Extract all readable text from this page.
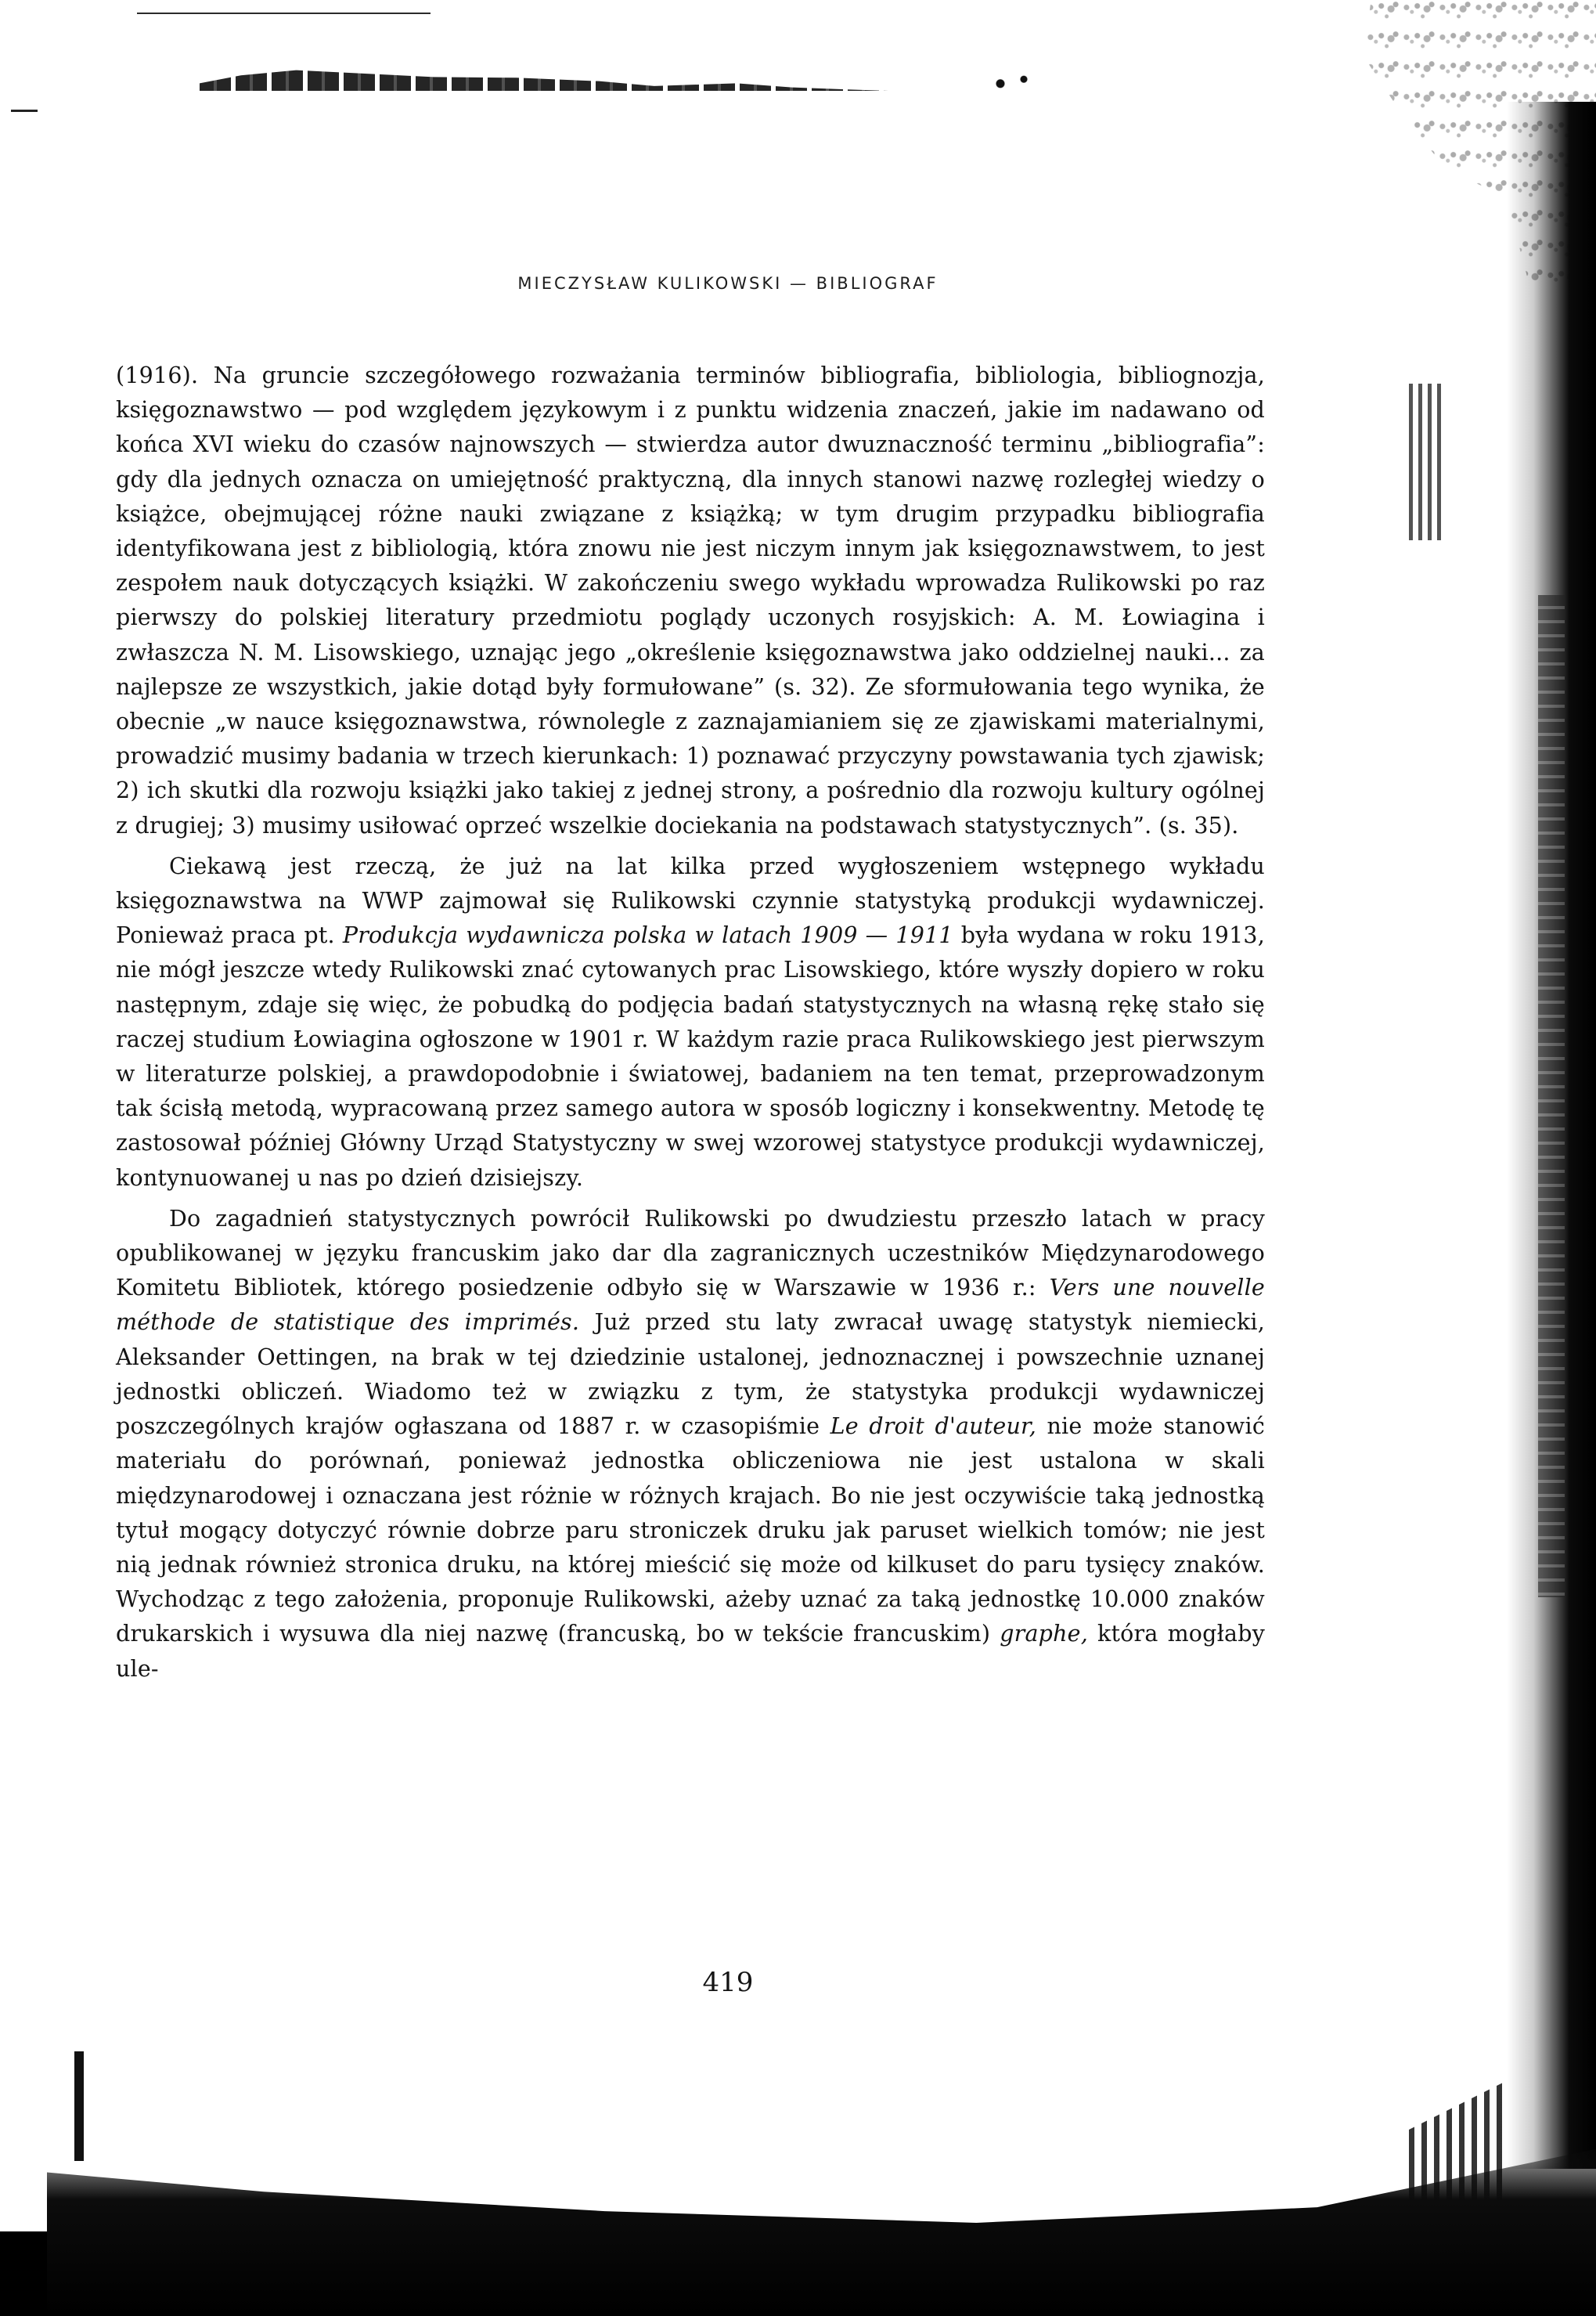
MIECZYSŁAW KULIKOWSKI — BIBLIOGRAF

(1916). Na gruncie szczegółowego rozważania terminów bibliografia, bibliologia, bibliognozja, księgoznawstwo — pod względem językowym i z punktu widzenia znaczeń, jakie im nadawano od końca XVI wieku do czasów najnowszych — stwierdza autor dwuznaczność terminu „bibliografia”: gdy dla jednych oznacza on umiejętność praktyczną, dla innych stanowi nazwę rozległej wiedzy o książce, obejmującej różne nauki związane z książką; w tym drugim przypadku bibliografia identyfikowana jest z bibliologią, która znowu nie jest niczym innym jak księgoznawstwem, to jest zespołem nauk dotyczących książki. W zakończeniu swego wykładu wprowadza Rulikowski po raz pierwszy do polskiej literatury przedmiotu poglądy uczonych rosyjskich: A. M. Łowiagina i zwłaszcza N. M. Lisowskiego, uznając jego „określenie księgoznawstwa jako oddzielnej nauki... za najlepsze ze wszystkich, jakie dotąd były formułowane” (s. 32). Ze sformułowania tego wynika, że obecnie „w nauce księgoznawstwa, równolegle z zaznajamianiem się ze zjawiskami materialnymi, prowadzić musimy badania w trzech kierunkach: 1) poznawać przyczyny powstawania tych zjawisk; 2) ich skutki dla rozwoju książki jako takiej z jednej strony, a pośrednio dla rozwoju kultury ogólnej z drugiej; 3) musimy usiłować oprzeć wszelkie dociekania na podstawach statystycznych”. (s. 35).

Ciekawą jest rzeczą, że już na lat kilka przed wygłoszeniem wstępnego wykładu księgoznawstwa na WWP zajmował się Rulikowski czynnie statystyką produkcji wydawniczej. Ponieważ praca pt. Produkcja wydawnicza polska w latach 1909 — 1911 była wydana w roku 1913, nie mógł jeszcze wtedy Rulikowski znać cytowanych prac Lisowskiego, które wyszły dopiero w roku następnym, zdaje się więc, że pobudką do podjęcia badań statystycznych na własną rękę stało się raczej studium Łowiagina ogłoszone w 1901 r. W każdym razie praca Rulikowskiego jest pierwszym w literaturze polskiej, a prawdopodobnie i światowej, badaniem na ten temat, przeprowadzonym tak ścisłą metodą, wypracowaną przez samego autora w sposób logiczny i konsekwentny. Metodę tę zastosował później Główny Urząd Statystyczny w swej wzorowej statystyce produkcji wydawniczej, kontynuowanej u nas po dzień dzisiejszy.

Do zagadnień statystycznych powrócił Rulikowski po dwudziestu przeszło latach w pracy opublikowanej w języku francuskim jako dar dla zagranicznych uczestników Międzynarodowego Komitetu Bibliotek, którego posiedzenie odbyło się w Warszawie w 1936 r.: Vers une nouvelle méthode de statistique des imprimés. Już przed stu laty zwracał uwagę statystyk niemiecki, Aleksander Oettingen, na brak w tej dziedzinie ustalonej, jednoznacznej i powszechnie uznanej jednostki obliczeń. Wiadomo też w związku z tym, że statystyka produkcji wydawniczej poszczególnych krajów ogłaszana od 1887 r. w czasopiśmie Le droit d'auteur, nie może stanowić materiału do porównań, ponieważ jednostka obliczeniowa nie jest ustalona w skali międzynarodowej i oznaczana jest różnie w różnych krajach. Bo nie jest oczywiście taką jednostką tytuł mogący dotyczyć równie dobrze paru stroniczek druku jak paruset wielkich tomów; nie jest nią jednak również stronica druku, na której mieścić się może od kilkuset do paru tysięcy znaków. Wychodząc z tego założenia, proponuje Rulikowski, ażeby uznać za taką jednostkę 10.000 znaków drukarskich i wysuwa dla niej nazwę (francuską, bo w tekście francuskim) graphe, która mogłaby ule-

419
